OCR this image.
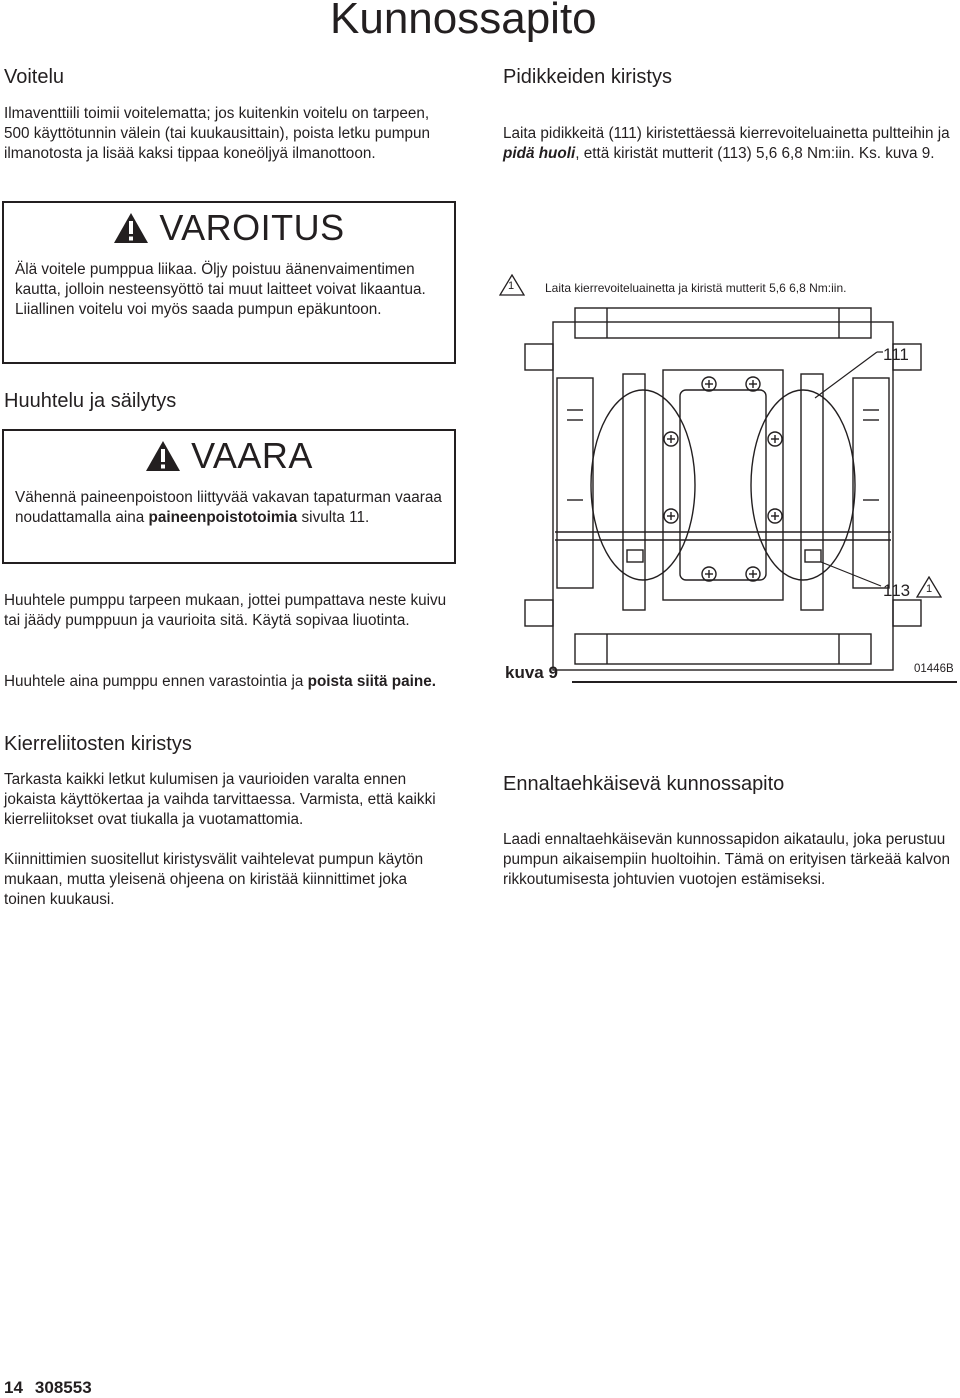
Kunnossapito
Voitelu
Ilmaventtiili toimii voitelematta; jos kuitenkin voitelu on tarpeen, 500 käyttötunnin välein (tai kuukausittain), poista letku pumpun ilmanotosta ja lisää kaksi tippaa koneöljyä ilmanottoon.
VAROITUS
Älä voitele pumppua liikaa. Öljy poistuu äänenvaimentimen kautta, jolloin nesteensyöttö tai muut laitteet voivat likaantua. Liiallinen voitelu voi myös saada pumpun epäkuntoon.
Huuhtelu ja säilytys
VAARA
Vähennä paineenpoistoon liittyvää vakavan tapaturman vaaraa noudattamalla aina paineenpoistotoimia sivulta 11.
Huuhtele pumppu tarpeen mukaan, jottei pumpattava neste kuivu tai jäädy pumppuun ja vaurioita sitä. Käytä sopivaa liuotinta.
Huuhtele aina pumppu ennen varastointia ja poista siitä paine.
Kierreliitosten kiristys
Tarkasta kaikki letkut kulumisen ja vaurioiden varalta ennen jokaista käyttökertaa ja vaihda tarvittaessa. Varmista, että kaikki kierreliitokset ovat tiukalla ja vuotamattomia.
Kiinnittimien suositellut kiristysvälit vaihtelevat pumpun käytön mukaan, mutta yleisenä ohjeena on kiristää kiinnittimet joka toinen kuukausi.
Pidikkeiden kiristys
Laita pidikkeitä (111) kiristettäessä kierrevoiteluainetta pultteihin ja pidä huoli, että kiristät mutterit (113) 5,6 6,8 Nm:iin. Ks. kuva 9.
1	Laita kierrevoiteluainetta ja kiristä mutterit 5,6 6,8 Nm:iin.
111
113 1
kuva 9	01446B
Ennaltaehkäisevä kunnossapito
Laadi ennaltaehkäisevän kunnossapidon aikataulu, joka perustuu pumpun aikaisempiin huoltoihin. Tämä on erityisen tärkeää kalvon rikkoutumisesta johtuvien vuotojen estämiseksi.
14 308553
